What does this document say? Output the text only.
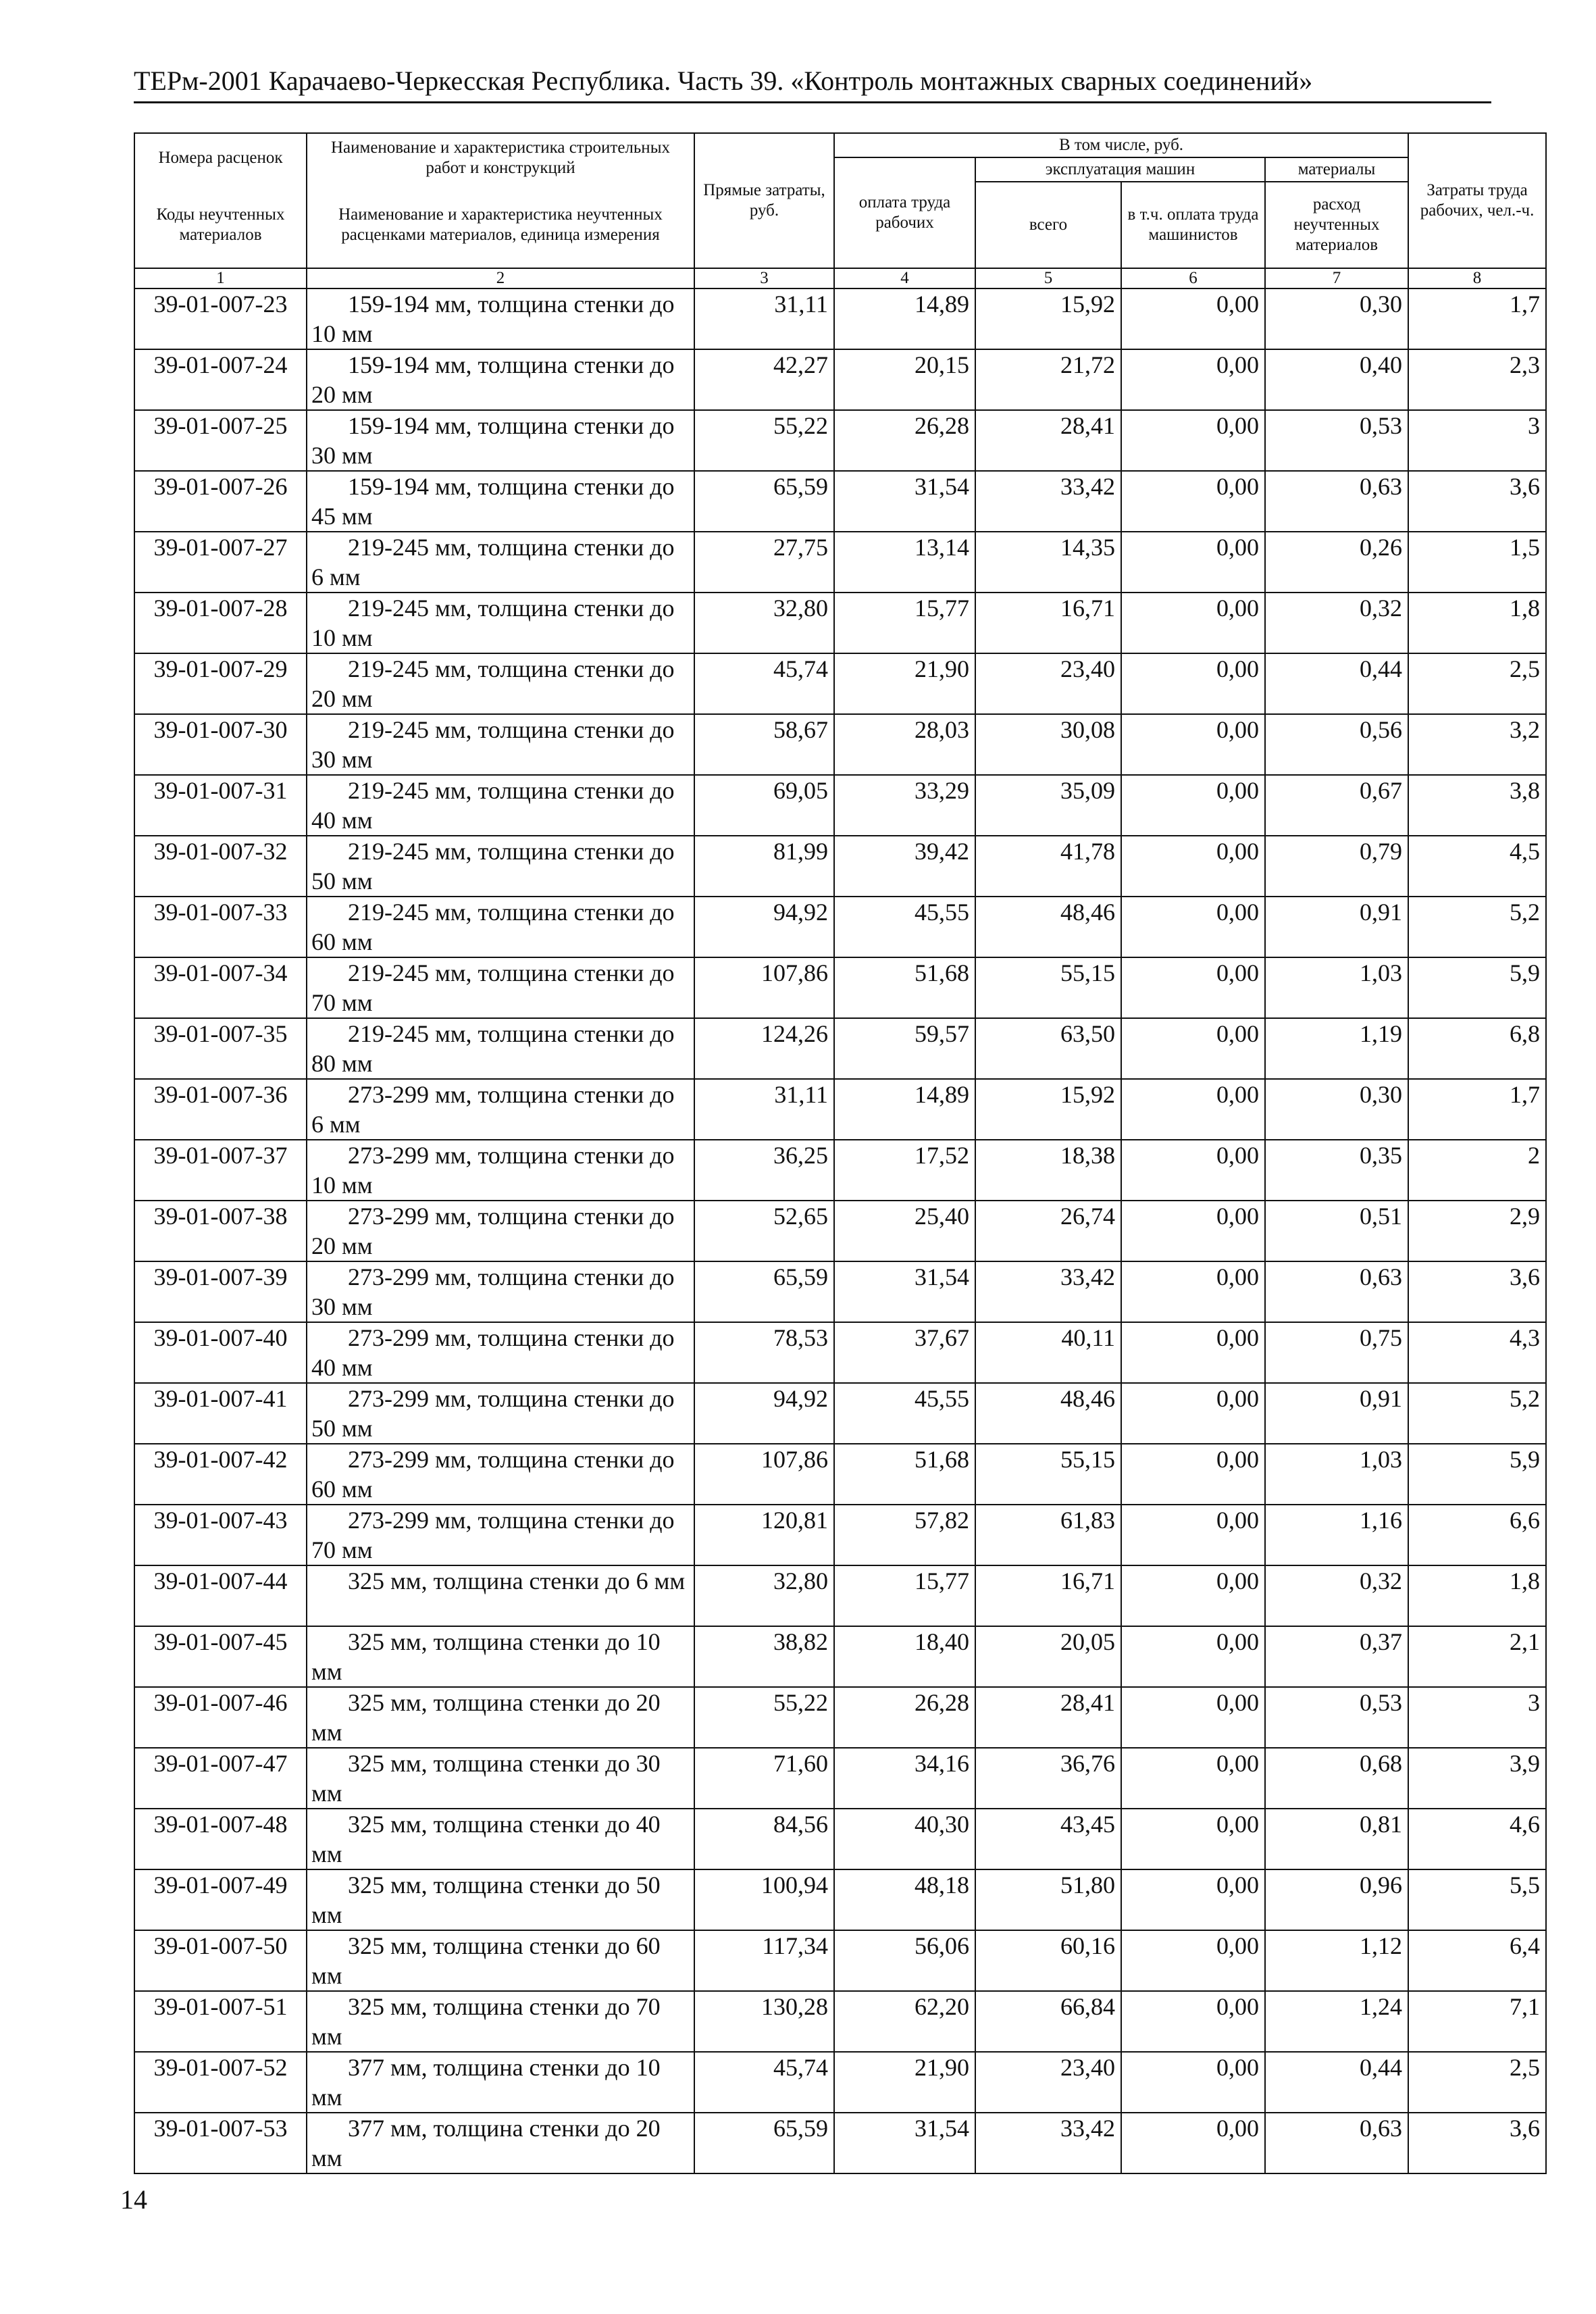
ТЕРм-2001 Карачаево-Черкесская Республика. Часть 39. «Контроль монтажных сварных соединений»
Номера расценок	Наименование и характеристика строительных работ и конструкций	Прямые затраты, руб.	В том числе, руб.				Затраты труда рабочих, чел.-ч.
			оплата труда рабочих	эксплуатация машин		материалы	
Коды неучтенных материалов	Наименование и характеристика неучтенных расценками материалов, единица измерения			всего	в т.ч. оплата труда машинистов	расход неучтенных материалов	

1	2	3	4	5	6	7	8
39-01-007-23	159-194 мм, толщина стенки до 10 мм	31,11	14,89	15,92	0,00	0,30	1,7
39-01-007-24	159-194 мм, толщина стенки до 20 мм	42,27	20,15	21,72	0,00	0,40	2,3
39-01-007-25	159-194 мм, толщина стенки до 30 мм	55,22	26,28	28,41	0,00	0,53	3
39-01-007-26	159-194 мм, толщина стенки до 45 мм	65,59	31,54	33,42	0,00	0,63	3,6
39-01-007-27	219-245 мм, толщина стенки до 6 мм	27,75	13,14	14,35	0,00	0,26	1,5
39-01-007-28	219-245 мм, толщина стенки до 10 мм	32,80	15,77	16,71	0,00	0,32	1,8
39-01-007-29	219-245 мм, толщина стенки до 20 мм	45,74	21,90	23,40	0,00	0,44	2,5
39-01-007-30	219-245 мм, толщина стенки до 30 мм	58,67	28,03	30,08	0,00	0,56	3,2
39-01-007-31	219-245 мм, толщина стенки до 40 мм	69,05	33,29	35,09	0,00	0,67	3,8
39-01-007-32	219-245 мм, толщина стенки до 50 мм	81,99	39,42	41,78	0,00	0,79	4,5
39-01-007-33	219-245 мм, толщина стенки до 60 мм	94,92	45,55	48,46	0,00	0,91	5,2
39-01-007-34	219-245 мм, толщина стенки до 70 мм	107,86	51,68	55,15	0,00	1,03	5,9
39-01-007-35	219-245 мм, толщина стенки до 80 мм	124,26	59,57	63,50	0,00	1,19	6,8
39-01-007-36	273-299 мм, толщина стенки до 6 мм	31,11	14,89	15,92	0,00	0,30	1,7
39-01-007-37	273-299 мм, толщина стенки до 10 мм	36,25	17,52	18,38	0,00	0,35	2
39-01-007-38	273-299 мм, толщина стенки до 20 мм	52,65	25,40	26,74	0,00	0,51	2,9
39-01-007-39	273-299 мм, толщина стенки до 30 мм	65,59	31,54	33,42	0,00	0,63	3,6
39-01-007-40	273-299 мм, толщина стенки до 40 мм	78,53	37,67	40,11	0,00	0,75	4,3
39-01-007-41	273-299 мм, толщина стенки до 50 мм	94,92	45,55	48,46	0,00	0,91	5,2
39-01-007-42	273-299 мм, толщина стенки до 60 мм	107,86	51,68	55,15	0,00	1,03	5,9
39-01-007-43	273-299 мм, толщина стенки до 70 мм	120,81	57,82	61,83	0,00	1,16	6,6
39-01-007-44	325 мм, толщина стенки до 6 мм	32,80	15,77	16,71	0,00	0,32	1,8
39-01-007-45	325 мм, толщина стенки до 10 мм	38,82	18,40	20,05	0,00	0,37	2,1
39-01-007-46	325 мм, толщина стенки до 20 мм	55,22	26,28	28,41	0,00	0,53	3
39-01-007-47	325 мм, толщина стенки до 30 мм	71,60	34,16	36,76	0,00	0,68	3,9
39-01-007-48	325 мм, толщина стенки до 40 мм	84,56	40,30	43,45	0,00	0,81	4,6
39-01-007-49	325 мм, толщина стенки до 50 мм	100,94	48,18	51,80	0,00	0,96	5,5
39-01-007-50	325 мм, толщина стенки до 60 мм	117,34	56,06	60,16	0,00	1,12	6,4
39-01-007-51	325 мм, толщина стенки до 70 мм	130,28	62,20	66,84	0,00	1,24	7,1
39-01-007-52	377 мм, толщина стенки до 10 мм	45,74	21,90	23,40	0,00	0,44	2,5
39-01-007-53	377 мм, толщина стенки до 20 мм	65,59	31,54	33,42	0,00	0,63	3,6
14
